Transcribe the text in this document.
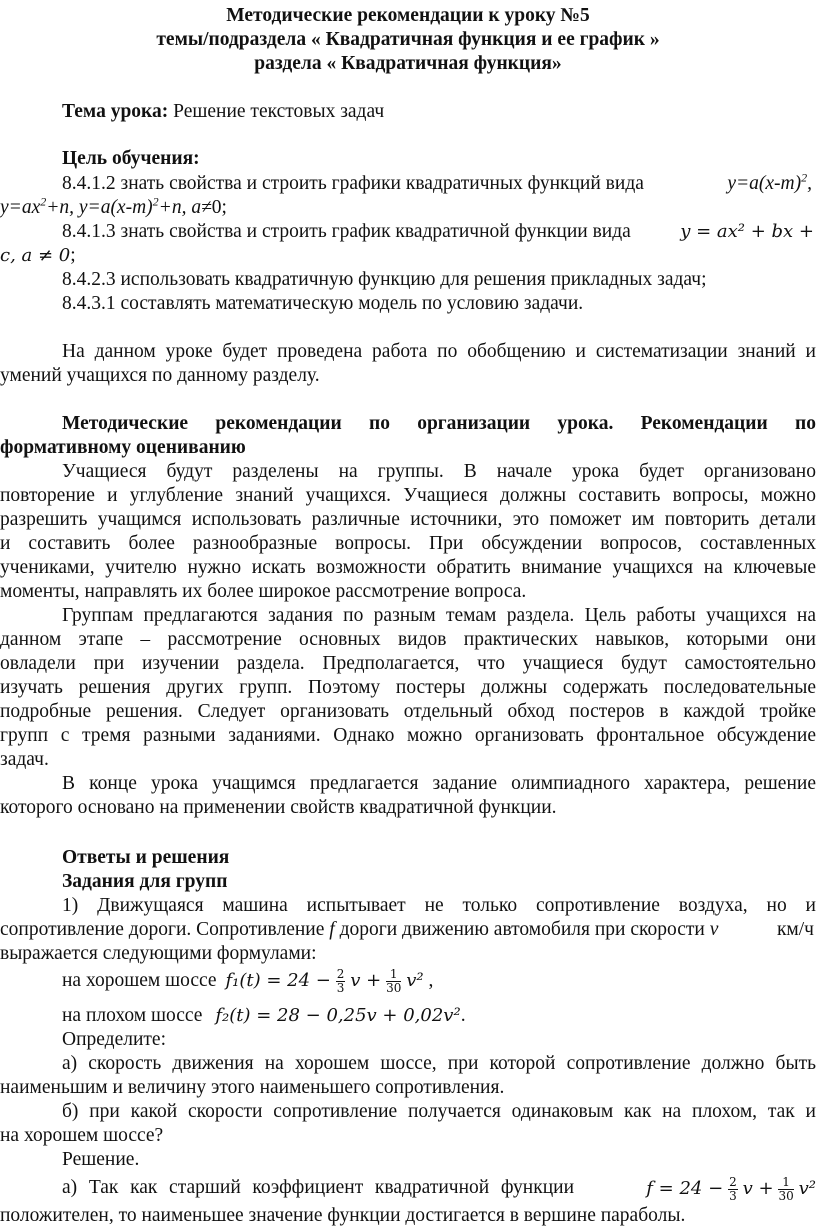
Методические рекомендации к уроку №5
темы/подраздела « Квадратичная функция и ее график »
раздела « Квадратичная функция»
Тема урока: Решение текстовых задач
Цель обучения:
8.4.1.2 знать свойства и строить графики квадратичных функций вида	$y=a(x-m)^2$,
$y=ax^2+n$, $y=a(x-m)^2+n$, a≠0;
8.4.1.3 знать свойства и строить график квадратичной функции вида	y = ax² + bx +
c, a ≠ 0;
8.4.2.3 использовать квадратичную функцию для решения прикладных задач;
8.4.3.1 составлять математическую модель по условию задачи.
На данном уроке будет проведена работа по обобщению и систематизации знаний и
умений учащихся по данному разделу.
Методические рекомендации по организации урока. Рекомендации по
формативному оцениванию
Учащиеся будут разделены на группы. В начале урока будет организовано
повторение и углубление знаний учащихся. Учащиеся должны составить вопросы, можно
разрешить учащимся использовать различные источники, это поможет им повторить детали
и составить более разнообразные вопросы. При обсуждении вопросов, составленных
учениками, учителю нужно искать возможности обратить внимание учащихся на ключевые
моменты, направлять их более широкое рассмотрение вопроса.
Группам предлагаются задания по разным темам раздела. Цель работы учащихся на
данном этапе – рассмотрение основных видов практических навыков, которыми они
овладели при изучении раздела. Предполагается, что учащиеся будут самостоятельно
изучать решения других групп. Поэтому постеры должны содержать последовательные
подробные решения. Следует организовать отдельный обход постеров в каждой тройке
групп с тремя разными заданиями. Однако можно организовать фронтальное обсуждение
задач.
В конце урока учащимся предлагается задание олимпиадного характера, решение
которого основано на применении свойств квадратичной функции.
Ответы и решения
Задания для групп
1) Движущаяся машина испытывает не только сопротивление воздуха, но и
сопротивление дороги. Сопротивление f дороги движению автомобиля при скорости v	км/ч
выражается следующими формулами:
на хорошем шоссе $f_1(t) = 24 - \frac{2}{3}$ $v + \frac{1}{30} v^2$ ,
на плохом шоссе f₂(t) = 28 − 0,25v + 0,02v².
Определите:
а) скорость движения на хорошем шоссе, при которой сопротивление должно быть
наименьшим и величину этого наименьшего сопротивления.
б) при какой скорости сопротивление получается одинаковым как на плохом, так и
на хорошем шоссе?
Решение.
а) Так как старший коэффициент квадратичной функции	$f = 24 - \frac{2}{3}$ $v + \frac{1}{30} v^2$
положителен, то наименьшее значение функции достигается в вершине параболы.
